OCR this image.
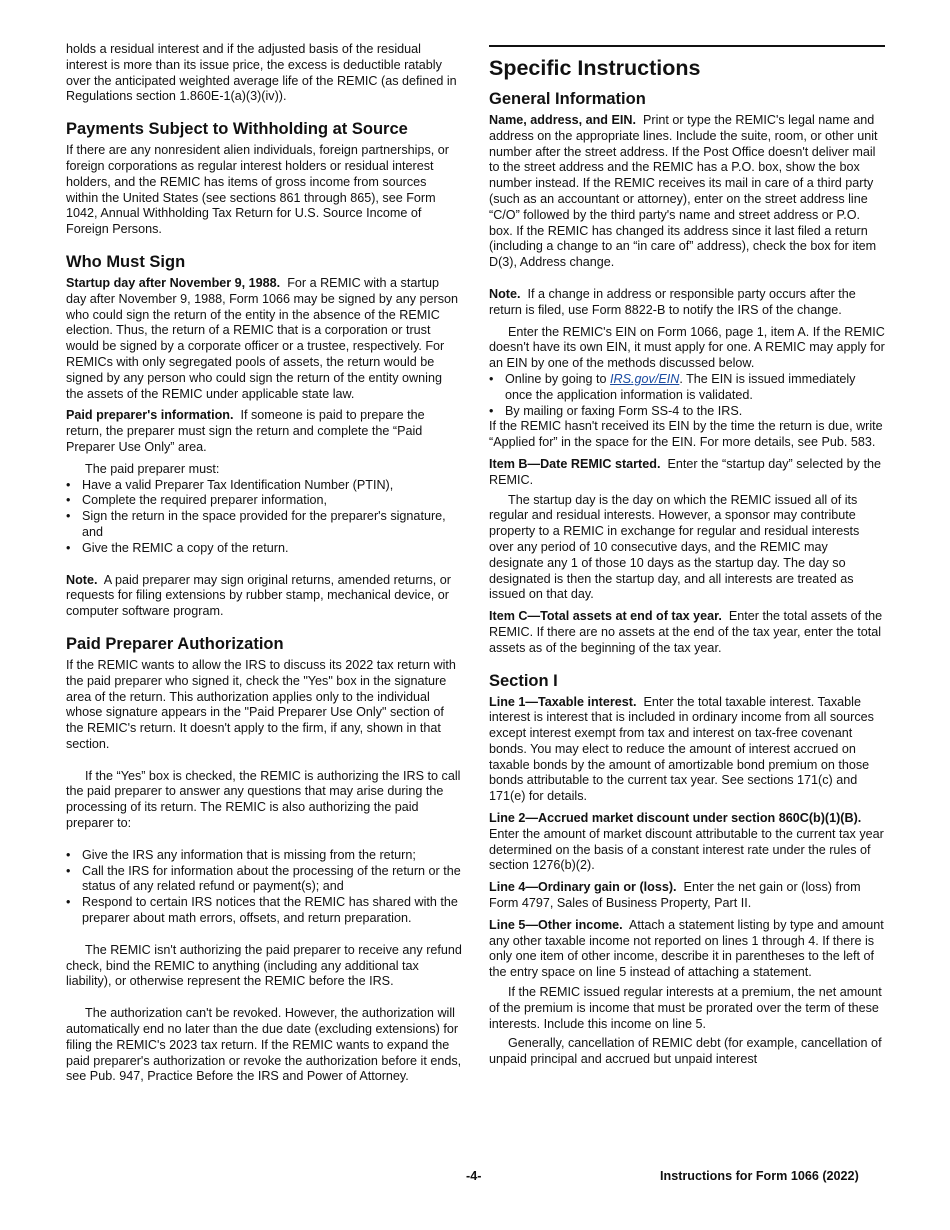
holds a residual interest and if the adjusted basis of the residual interest is more than its issue price, the excess is deductible ratably over the anticipated weighted average life of the REMIC (as defined in Regulations section 1.860E-1(a)(3)(iv)).

Payments Subject to Withholding at Source

If there are any nonresident alien individuals, foreign partnerships, or foreign corporations as regular interest holders or residual interest holders, and the REMIC has items of gross income from sources within the United States (see sections 861 through 865), see Form 1042, Annual Withholding Tax Return for U.S. Source Income of Foreign Persons.

Who Must Sign

Startup day after November 9, 1988. For a REMIC with a startup day after November 9, 1988, Form 1066 may be signed by any person who could sign the return of the entity in the absence of the REMIC election. Thus, the return of a REMIC that is a corporation or trust would be signed by a corporate officer or a trustee, respectively. For REMICs with only segregated pools of assets, the return would be signed by any person who could sign the return of the entity owning the assets of the REMIC under applicable state law.

Paid preparer's information. If someone is paid to prepare the return, the preparer must sign the return and complete the “Paid Preparer Use Only” area.

The paid preparer must:

• Have a valid Preparer Tax Identification Number (PTIN),

• Complete the required preparer information,

• Sign the return in the space provided for the preparer's signature, and

• Give the REMIC a copy of the return.

Note. A paid preparer may sign original returns, amended returns, or requests for filing extensions by rubber stamp, mechanical device, or computer software program.

Paid Preparer Authorization

If the REMIC wants to allow the IRS to discuss its 2022 tax return with the paid preparer who signed it, check the "Yes" box in the signature area of the return. This authorization applies only to the individual whose signature appears in the "Paid Preparer Use Only" section of the REMIC's return. It doesn't apply to the firm, if any, shown in that section.

If the “Yes” box is checked, the REMIC is authorizing the IRS to call the paid preparer to answer any questions that may arise during the processing of its return. The REMIC is also authorizing the paid preparer to:

• Give the IRS any information that is missing from the return;

• Call the IRS for information about the processing of the return or the status of any related refund or payment(s); and

• Respond to certain IRS notices that the REMIC has shared with the preparer about math errors, offsets, and return preparation.

The REMIC isn't authorizing the paid preparer to receive any refund check, bind the REMIC to anything (including any additional tax liability), or otherwise represent the REMIC before the IRS.

The authorization can't be revoked. However, the authorization will automatically end no later than the due date (excluding extensions) for filing the REMIC's 2023 tax return. If the REMIC wants to expand the paid preparer's authorization or revoke the authorization before it ends, see Pub. 947, Practice Before the IRS and Power of Attorney.

Specific Instructions
General Information

Name, address, and EIN. Print or type the REMIC's legal name and address on the appropriate lines. Include the suite, room, or other unit number after the street address. If the Post Office doesn't deliver mail to the street address and the REMIC has a P.O. box, show the box number instead. If the REMIC receives its mail in care of a third party (such as an accountant or attorney), enter on the street address line “C/O” followed by the third party's name and street address or P.O. box. If the REMIC has changed its address since it last filed a return (including a change to an “in care of” address), check the box for item D(3), Address change.

Note. If a change in address or responsible party occurs after the return is filed, use Form 8822-B to notify the IRS of the change.

Enter the REMIC's EIN on Form 1066, page 1, item A. If the REMIC doesn't have its own EIN, it must apply for one. A REMIC may apply for an EIN by one of the methods discussed below.

• Online by going to IRS.gov/EIN. The EIN is issued immediately once the application information is validated.

• By mailing or faxing Form SS-4 to the IRS.

If the REMIC hasn't received its EIN by the time the return is due, write “Applied for” in the space for the EIN. For more details, see Pub. 583.

Item B—Date REMIC started. Enter the “startup day” selected by the REMIC.

The startup day is the day on which the REMIC issued all of its regular and residual interests. However, a sponsor may contribute property to a REMIC in exchange for regular and residual interests over any period of 10 consecutive days, and the REMIC may designate any 1 of those 10 days as the startup day. The day so designated is then the startup day, and all interests are treated as issued on that day.

Item C—Total assets at end of tax year. Enter the total assets of the REMIC. If there are no assets at the end of the tax year, enter the total assets as of the beginning of the tax year.

Section I

Line 1—Taxable interest. Enter the total taxable interest. Taxable interest is interest that is included in ordinary income from all sources except interest exempt from tax and interest on tax-free covenant bonds. You may elect to reduce the amount of interest accrued on taxable bonds by the amount of amortizable bond premium on those bonds attributable to the current tax year. See sections 171(c) and 171(e) for details.

Line 2—Accrued market discount under section 860C(b)(1)(B).  Enter the amount of market discount attributable to the current tax year determined on the basis of a constant interest rate under the rules of section 1276(b)(2).

Line 4—Ordinary gain or (loss). Enter the net gain or (loss) from Form 4797, Sales of Business Property, Part II.

Line 5—Other income. Attach a statement listing by type and amount any other taxable income not reported on lines 1 through 4. If there is only one item of other income, describe it in parentheses to the left of the entry space on line 5 instead of attaching a statement.

If the REMIC issued regular interests at a premium, the net amount of the premium is income that must be prorated over the term of these interests. Include this income on line 5.

Generally, cancellation of REMIC debt (for example, cancellation of unpaid principal and accrued but unpaid interest

-4-	Instructions for Form 1066 (2022)
